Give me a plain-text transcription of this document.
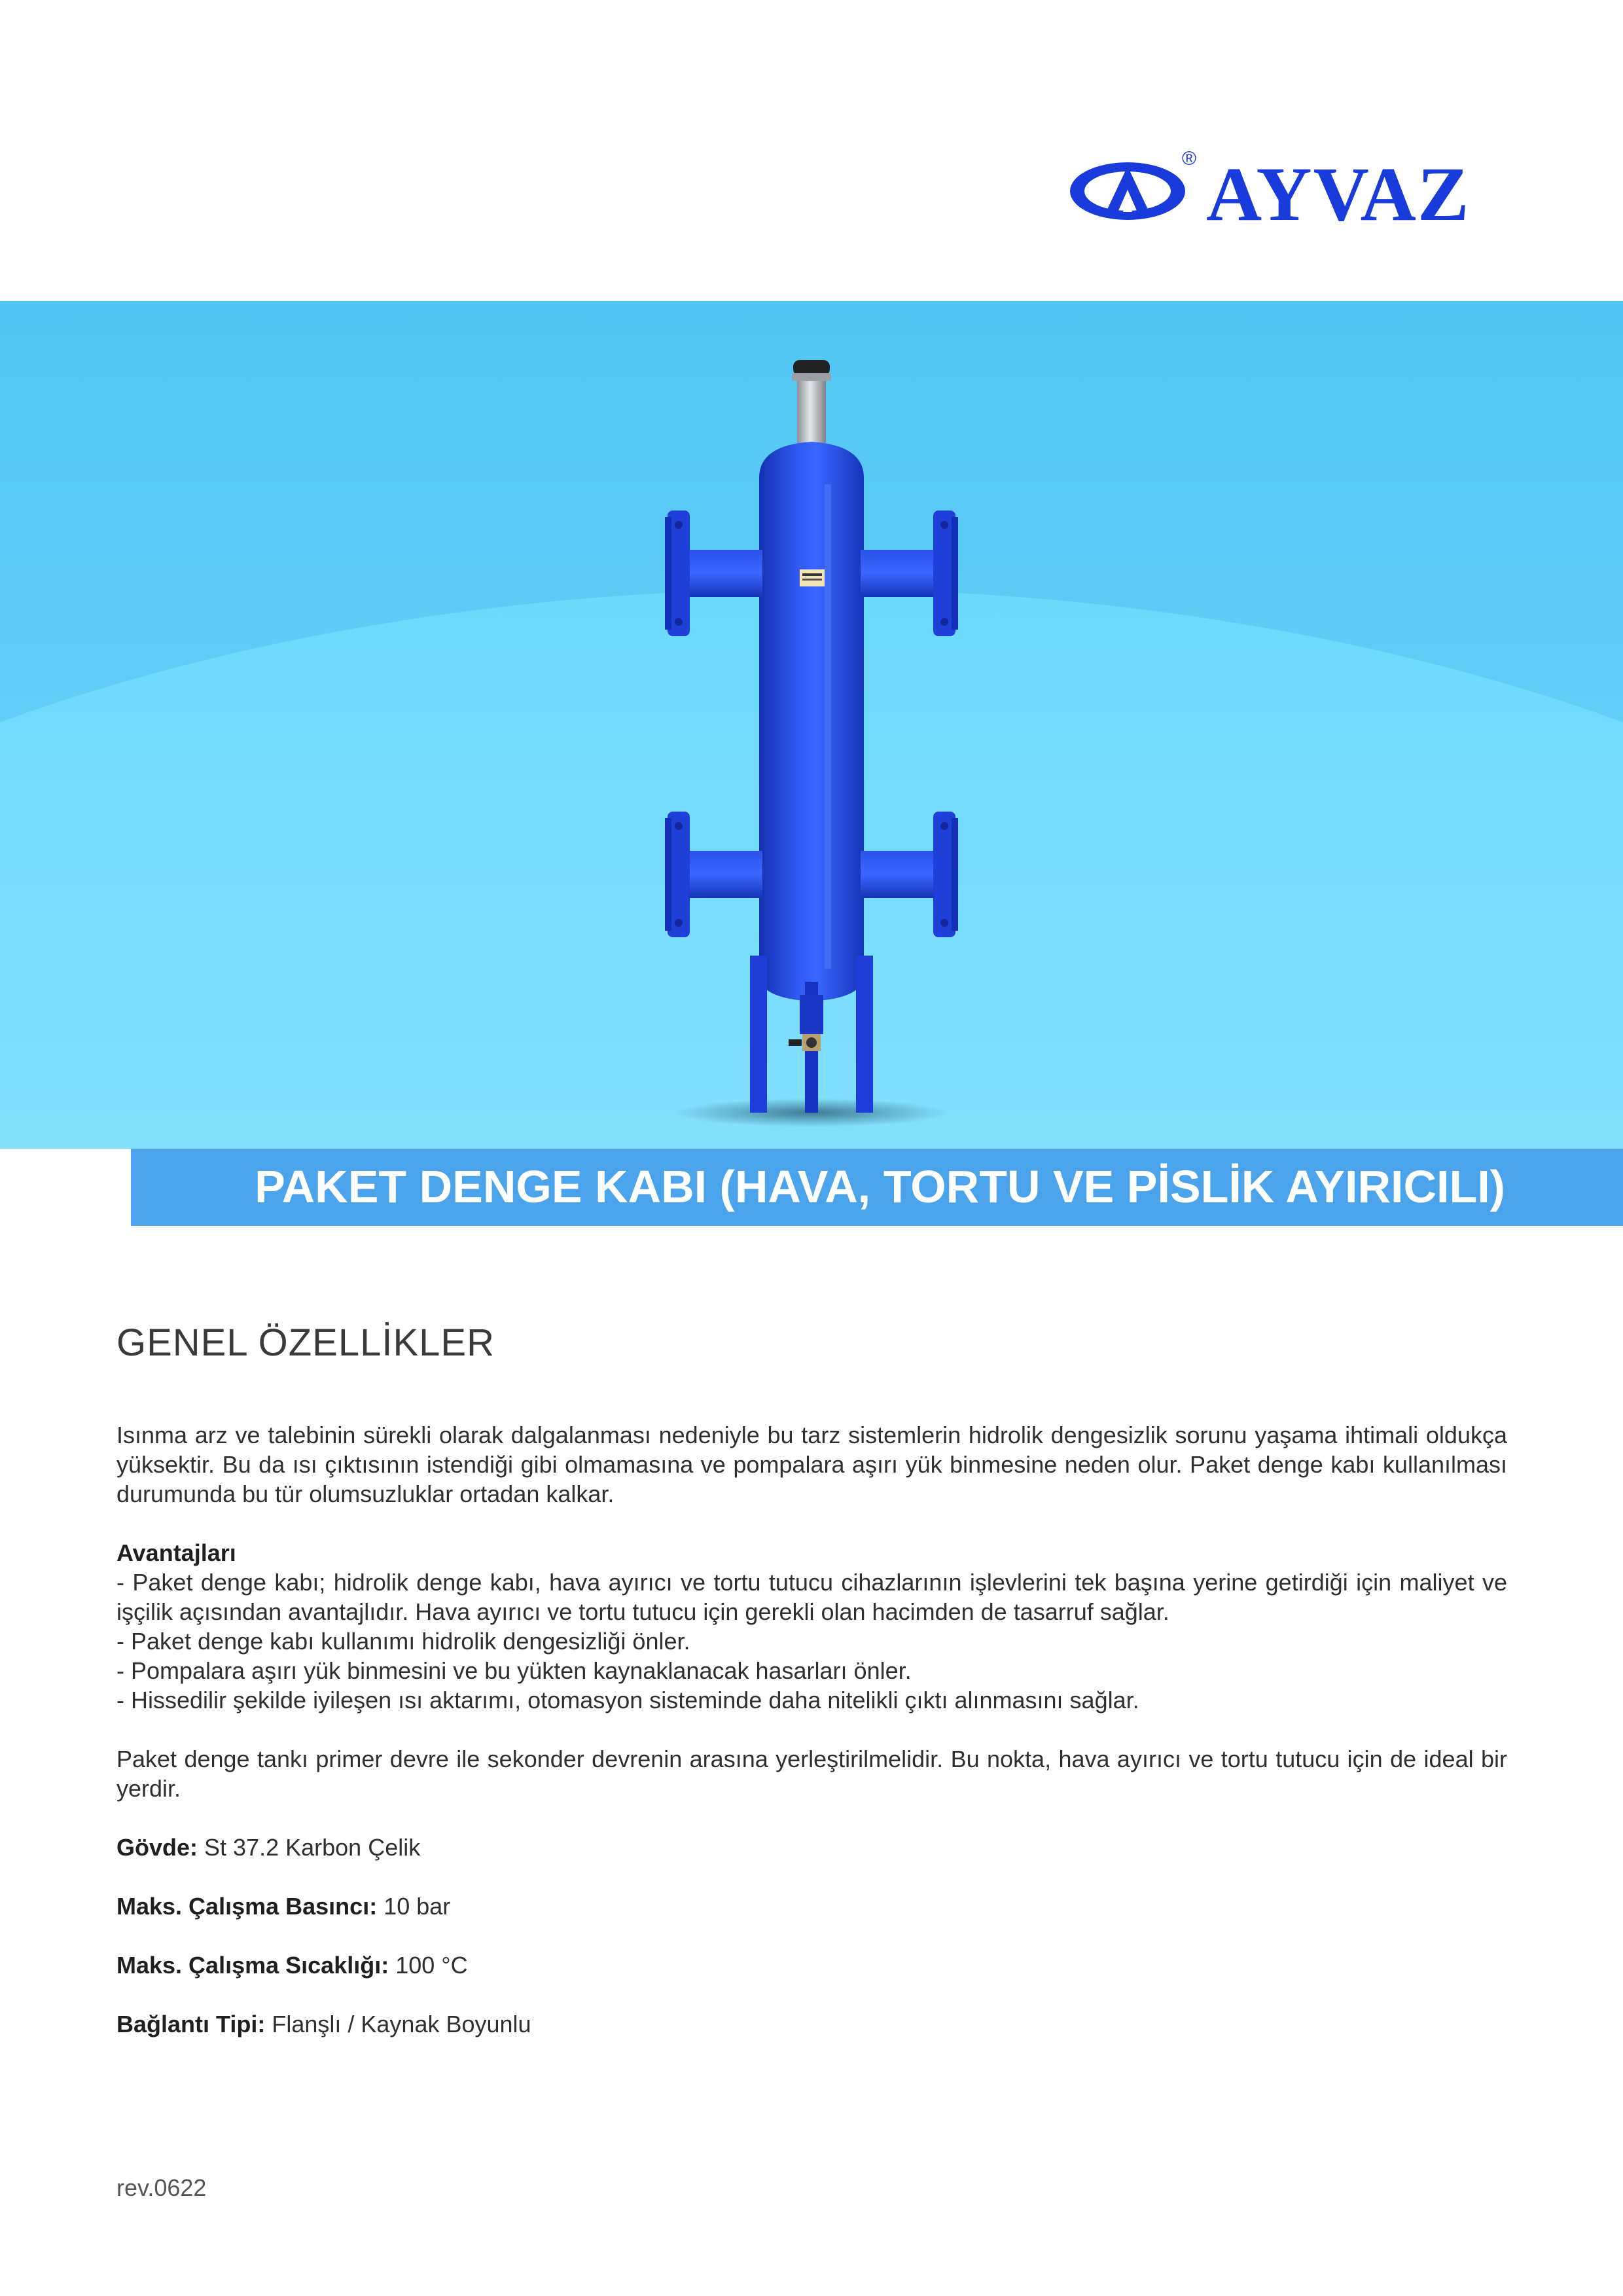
® AYVAZ
PAKET DENGE KABI (HAVA, TORTU VE PİSLİK AYIRICILI)
GENEL ÖZELLİKLER

Isınma arz ve talebinin sürekli olarak dalgalanması nedeniyle bu tarz sistemlerin hidrolik dengesizlik sorunu yaşama ihtimali oldukça yüksektir. Bu da ısı çıktısının istendiği gibi olmamasına ve pompalara aşırı yük binmesine neden olur. Paket denge kabı kullanılması durumunda bu tür olumsuzluklar ortadan kalkar.

Avantajları

- Paket denge kabı; hidrolik denge kabı, hava ayırıcı ve tortu tutucu cihazlarının işlevlerini tek başına yerine getirdiği için maliyet ve işçilik açısından avantajlıdır. Hava ayırıcı ve tortu tutucu için gerekli olan hacimden de tasarruf sağlar.

- Paket denge kabı kullanımı hidrolik dengesizliği önler.

- Pompalara aşırı yük binmesini ve bu yükten kaynaklanacak hasarları önler.

- Hissedilir şekilde iyileşen ısı aktarımı, otomasyon sisteminde daha nitelikli çıktı alınmasını sağlar.

Paket denge tankı primer devre ile sekonder devrenin arasına yerleştirilmelidir. Bu nokta, hava ayırıcı ve tortu tutucu için de ideal bir yerdir.

Gövde: St 37.2 Karbon Çelik

Maks. Çalışma Basıncı: 10 bar

Maks. Çalışma Sıcaklığı: 100 °C

Bağlantı Tipi: Flanşlı / Kaynak Boyunlu

rev.0622
